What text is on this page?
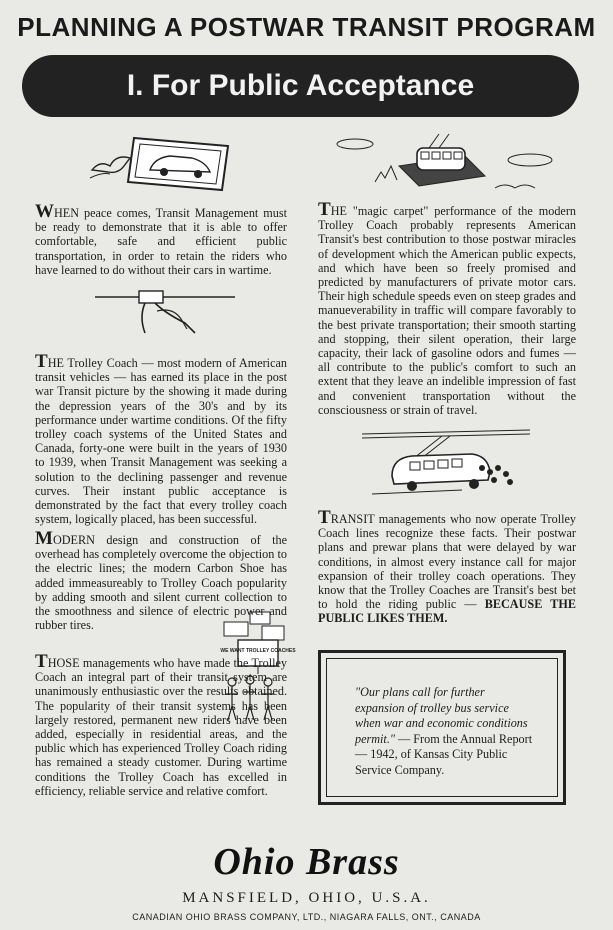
PLANNING A POSTWAR TRANSIT PROGRAM
I. For Public Acceptance
WE WANT TROLLEY COACHES

WHEN peace comes, Transit Management must be ready to demonstrate that it is able to offer comfortable, safe and efficient public transportation, in order to retain the riders who have learned to do without their cars in wartime.

THE Trolley Coach — most modern of American transit vehicles — has earned its place in the post war Transit picture by the showing it made during the depression years of the 30's and by its performance under wartime conditions. Of the fifty trolley coach systems of the United States and Canada, forty-one were built in the years of 1930 to 1939, when Transit Management was seeking a solution to the declining passenger and revenue curves. Their instant public acceptance is demonstrated by the fact that every trolley coach system, logically placed, has been successful.

MODERN design and construction of the overhead has completely overcome the objection to the electric lines; the modern Carbon Shoe has added immeasureably to Trolley Coach popularity by adding smooth and silent current collection to the smoothness and silence of electric power and rubber tires.

THOSE managements who have made the Trolley Coach an integral part of their transit system are unanimously enthusiastic over the results obtained. The popularity of their transit systems has been largely restored, permanent new riders have been added, especially in residential areas, and the public which has experienced Trolley Coach riding has remained a steady customer. During wartime conditions the Trolley Coach has excelled in efficiency, reliable service and relative comfort.

THE "magic carpet" performance of the modern Trolley Coach probably represents American Transit's best contribution to those postwar miracles of development which the American public expects, and which have been so freely promised and predicted by manufacturers of private motor cars. Their high schedule speeds even on steep grades and manueverability in traffic will compare favorably to the best private transportation; their smooth starting and stopping, their silent operation, their large capacity, their lack of gasoline odors and fumes — all contribute to the public's comfort to such an extent that they leave an indelible impression of fast and convenient transportation without the consciousness or strain of travel.

TRANSIT managements who now operate Trolley Coach lines recognize these facts. Their postwar plans and prewar plans that were delayed by war conditions, in almost every instance call for major expansion of their trolley coach operations. They know that the Trolley Coaches are Transit's best bet to hold the riding public — BECAUSE THE PUBLIC LIKES THEM.

"Our plans call for further expansion of trolley bus service when war and economic conditions permit." — From the Annual Report — 1942, of Kansas City Public Service Company.
Ohio Brass
MANSFIELD, OHIO, U.S.A.
CANADIAN OHIO BRASS COMPANY, LTD., NIAGARA FALLS, ONT., CANADA
